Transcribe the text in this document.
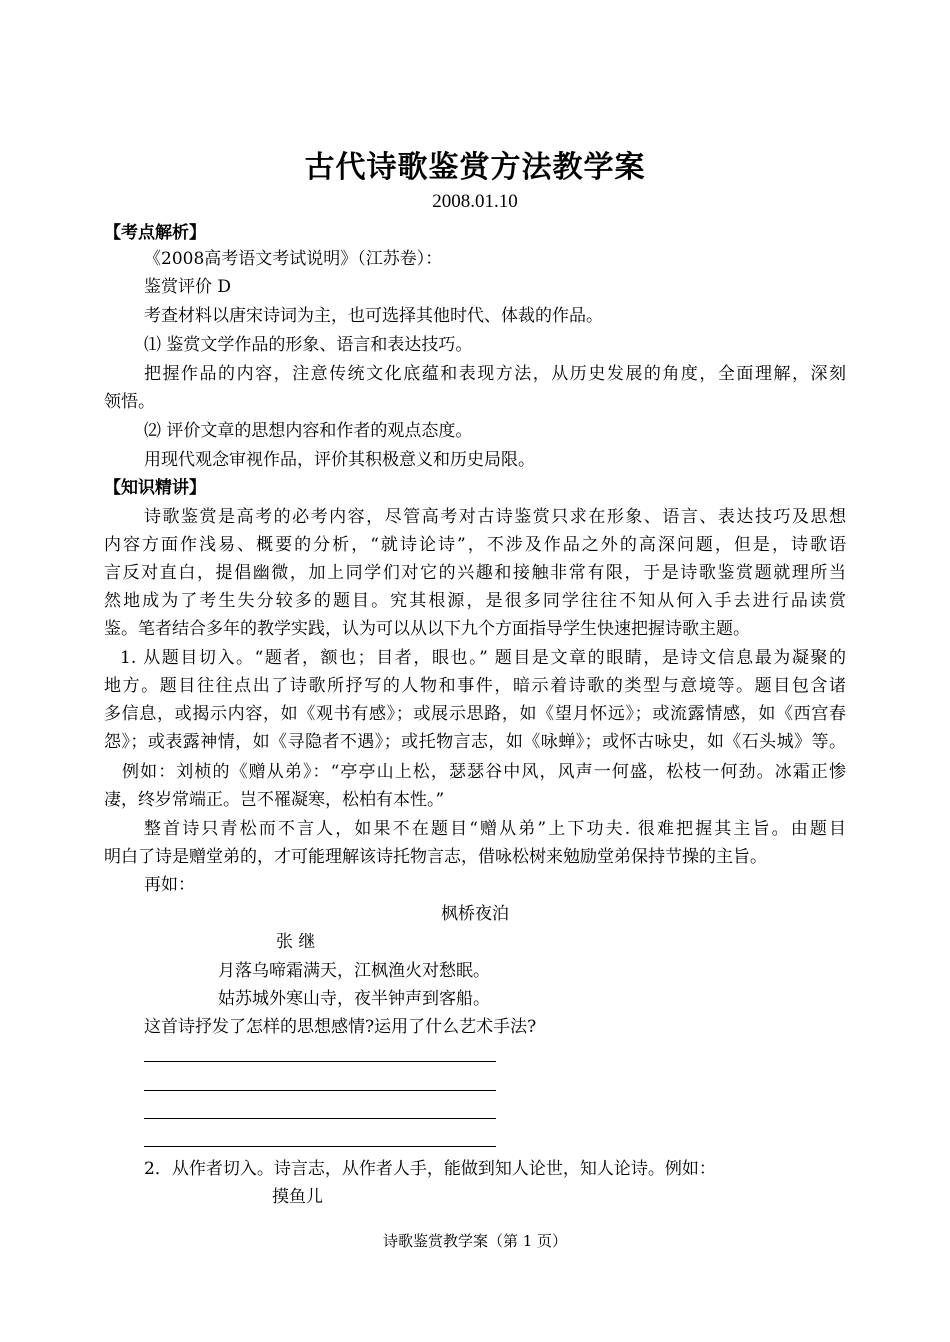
古代诗歌鉴赏方法教学案
2008.01.10
【考点解析】
《2008高考语文考试说明》（江苏卷）：
鉴赏评价 D
考查材料以唐宋诗词为主，也可选择其他时代、体裁的作品。
⑴ 鉴赏文学作品的形象、语言和表达技巧。
把握作品的内容，注意传统文化底蕴和表现方法，从历史发展的角度，全面理解，深刻
领悟。
⑵ 评价文章的思想内容和作者的观点态度。
用现代观念审视作品，评价其积极意义和历史局限。
【知识精讲】
诗歌鉴赏是高考的必考内容，尽管高考对古诗鉴赏只求在形象、语言、表达技巧及思想
内容方面作浅易、概要的分析，“就诗论诗”，不涉及作品之外的高深问题，但是，诗歌语
言反对直白，提倡幽微，加上同学们对它的兴趣和接触非常有限，于是诗歌鉴赏题就理所当
然地成为了考生失分较多的题目。究其根源，是很多同学往往不知从何入手去进行品读赏
鉴。笔者结合多年的教学实践，认为可以从以下九个方面指导学生快速把握诗歌主题。
1. 从题目切入。“题者，额也；目者，眼也。” 题目是文章的眼睛，是诗文信息最为凝聚的
地方。题目往往点出了诗歌所抒写的人物和事件，暗示着诗歌的类型与意境等。题目包含诸
多信息，或揭示内容，如《观书有感》；或展示思路，如《望月怀远》；或流露情感，如《西宫春
怨》；或表露神情，如《寻隐者不遇》；或托物言志，如《咏蝉》；或怀古咏史，如《石头城》等。
例如：刘桢的《赠从弟》：“亭亭山上松，瑟瑟谷中风，风声一何盛，松枝一何劲。冰霜正惨
凄，终岁常端正。岂不罹凝寒，松柏有本性。”
整首诗只青松而不言人，如果不在题目“赠从弟”上下功夫. 很难把握其主旨。由题目
明白了诗是赠堂弟的，才可能理解该诗托物言志，借咏松树来勉励堂弟保持节操的主旨。
再如：
枫桥夜泊
张 继
月落乌啼霜满天，江枫渔火对愁眠。
姑苏城外寒山寺，夜半钟声到客船。
这首诗抒发了怎样的思想感情?运用了什么艺术手法?
2．从作者切入。诗言志，从作者人手，能做到知人论世，知人论诗。例如：
摸鱼儿
诗歌鉴赏教学案（第 1 页）
